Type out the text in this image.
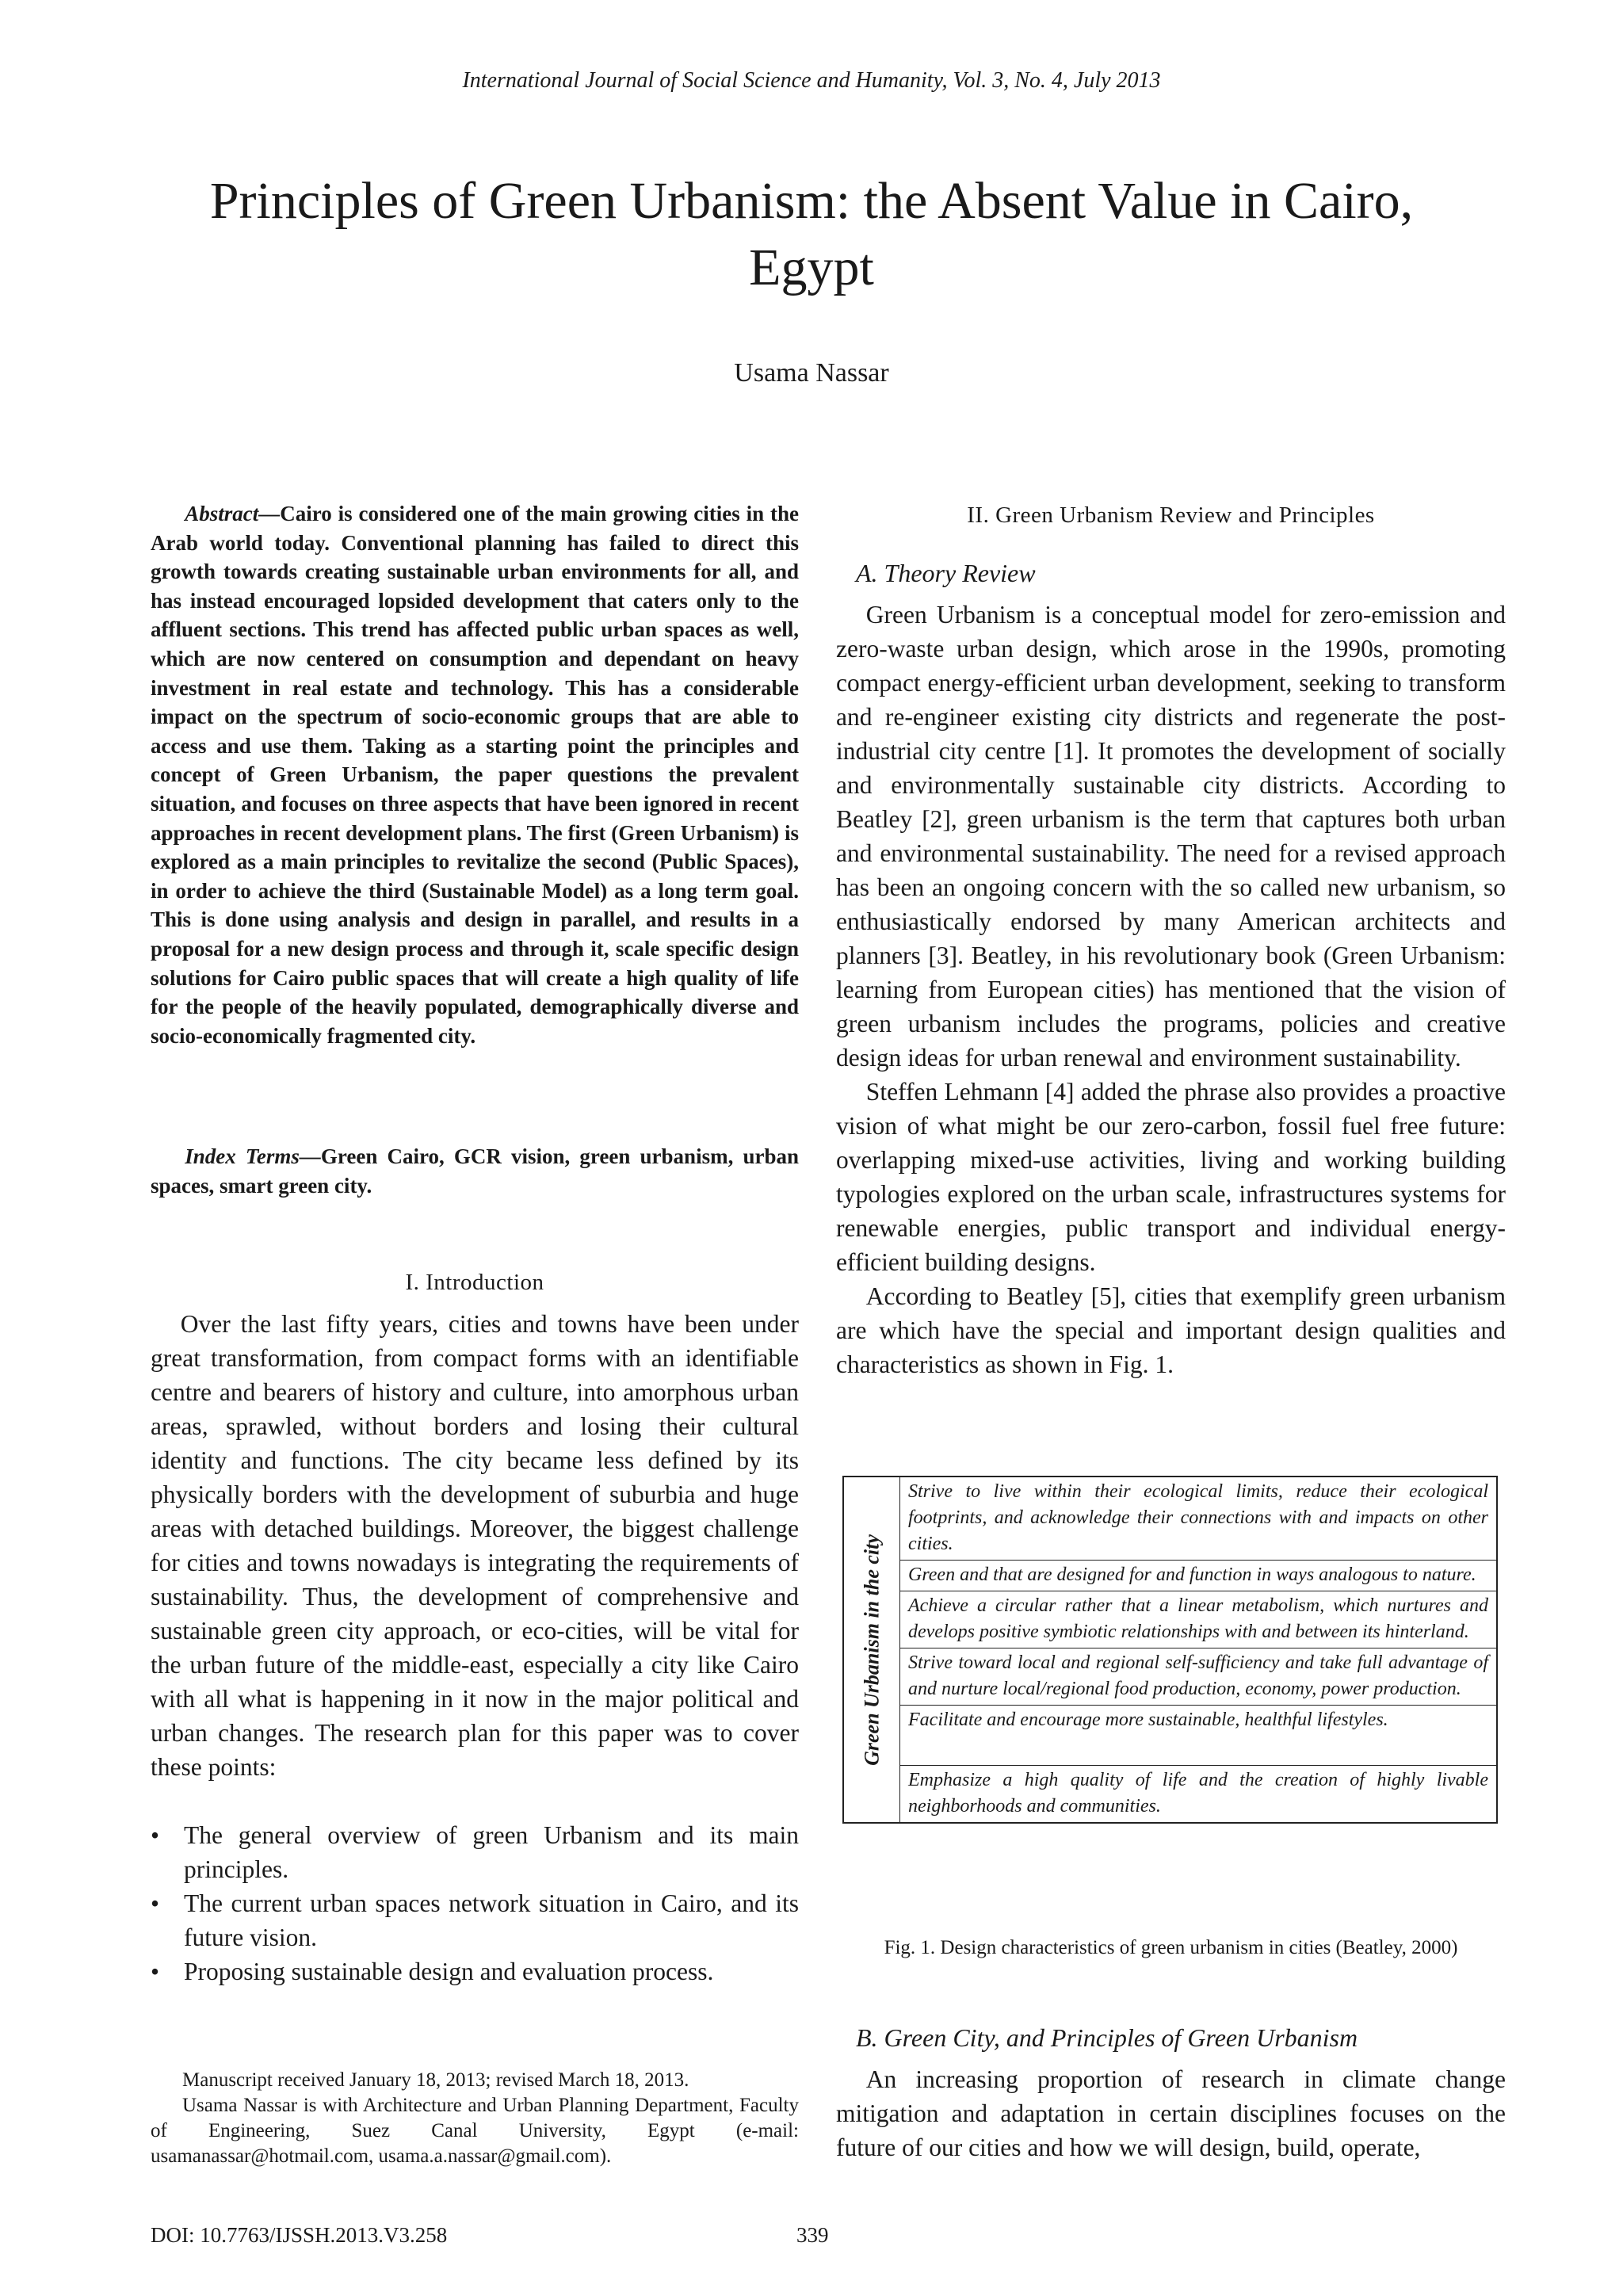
International Journal of Social Science and Humanity, Vol. 3, No. 4, July 2013
Principles of Green Urbanism: the Absent Value in Cairo,
Egypt
Usama Nassar

Abstract—Cairo is considered one of the main growing cities in the Arab world today. Conventional planning has failed to direct this growth towards creating sustainable urban environments for all, and has instead encouraged lopsided development that caters only to the affluent sections. This trend has affected public urban spaces as well, which are now centered on consumption and dependant on heavy investment in real estate and technology. This has a considerable impact on the spectrum of socio-economic groups that are able to access and use them. Taking as a starting point the principles and concept of Green Urbanism, the paper questions the prevalent situation, and focuses on three aspects that have been ignored in recent approaches in recent development plans. The first (Green Urbanism) is explored as a main principles to revitalize the second (Public Spaces), in order to achieve the third (Sustainable Model) as a long term goal. This is done using analysis and design in parallel, and results in a proposal for a new design process and through it, scale specific design solutions for Cairo public spaces that will create a high quality of life for the people of the heavily populated, demographically diverse and socio-economically fragmented city.

Index Terms—Green Cairo, GCR vision, green urbanism, urban spaces, smart green city.

I. Introduction

Over the last fifty years, cities and towns have been under great transformation, from compact forms with an identifiable centre and bearers of history and culture, into amorphous urban areas, sprawled, without borders and losing their cultural identity and functions. The city became less defined by its physically borders with the development of suburbia and huge areas with detached buildings. Moreover, the biggest challenge for cities and towns nowadays is integrating the requirements of sustainability. Thus, the development of comprehensive and sustainable green city approach, or eco-cities, will be vital for the urban future of the middle-east, especially a city like Cairo with all what is happening in it now in the major political and urban changes. The research plan for this paper was to cover these points:

• The general overview of green Urbanism and its main principles.
• The current urban spaces network situation in Cairo, and its future vision.
• Proposing sustainable design and evaluation process.

Manuscript received January 18, 2013; revised March 18, 2013.

Usama Nassar is with Architecture and Urban Planning Department, Faculty of Engineering, Suez Canal University, Egypt (e-mail: usamanassar@hotmail.com, usama.a.nassar@gmail.com).

DOI: 10.7763/IJSSH.2013.V3.258	339
II. Green Urbanism Review and Principles
A. Theory Review

Green Urbanism is a conceptual model for zero-emission and zero-waste urban design, which arose in the 1990s, promoting compact energy-efficient urban development, seeking to transform and re-engineer existing city districts and regenerate the post-industrial city centre [1]. It promotes the development of socially and environmentally sustainable city districts. According to Beatley [2], green urbanism is the term that captures both urban and environmental sustainability. The need for a revised approach has been an ongoing concern with the so called new urbanism, so enthusiastically endorsed by many American architects and planners [3]. Beatley, in his revolutionary book (Green Urbanism: learning from European cities) has mentioned that the vision of green urbanism includes the programs, policies and creative design ideas for urban renewal and environment sustainability.

Steffen Lehmann [4] added the phrase also provides a proactive vision of what might be our zero-carbon, fossil fuel free future: overlapping mixed-use activities, living and working building typologies explored on the urban scale, infrastructures systems for renewable energies, public transport and individual energy-efficient building designs.

According to Beatley [5], cities that exemplify green urbanism are which have the special and important design qualities and characteristics as shown in Fig. 1.

Green Urbanism in the city
	Strive to live within their ecological limits, reduce their ecological footprints, and acknowledge their connections with and impacts on other cities.
Green and that are designed for and function in ways analogous to nature.
Achieve a circular rather that a linear metabolism, which nurtures and develops positive symbiotic relationships with and between its hinterland.
Strive toward local and regional self-sufficiency and take full advantage of and nurture local/regional food production, economy, power production.
Facilitate and encourage more sustainable, healthful lifestyles.
Emphasize a high quality of life and the creation of highly livable neighborhoods and communities.
Fig. 1. Design characteristics of green urbanism in cities (Beatley, 2000)
B. Green City, and Principles of Green Urbanism

An increasing proportion of research in climate change mitigation and adaptation in certain disciplines focuses on the future of our cities and how we will design, build, operate,
